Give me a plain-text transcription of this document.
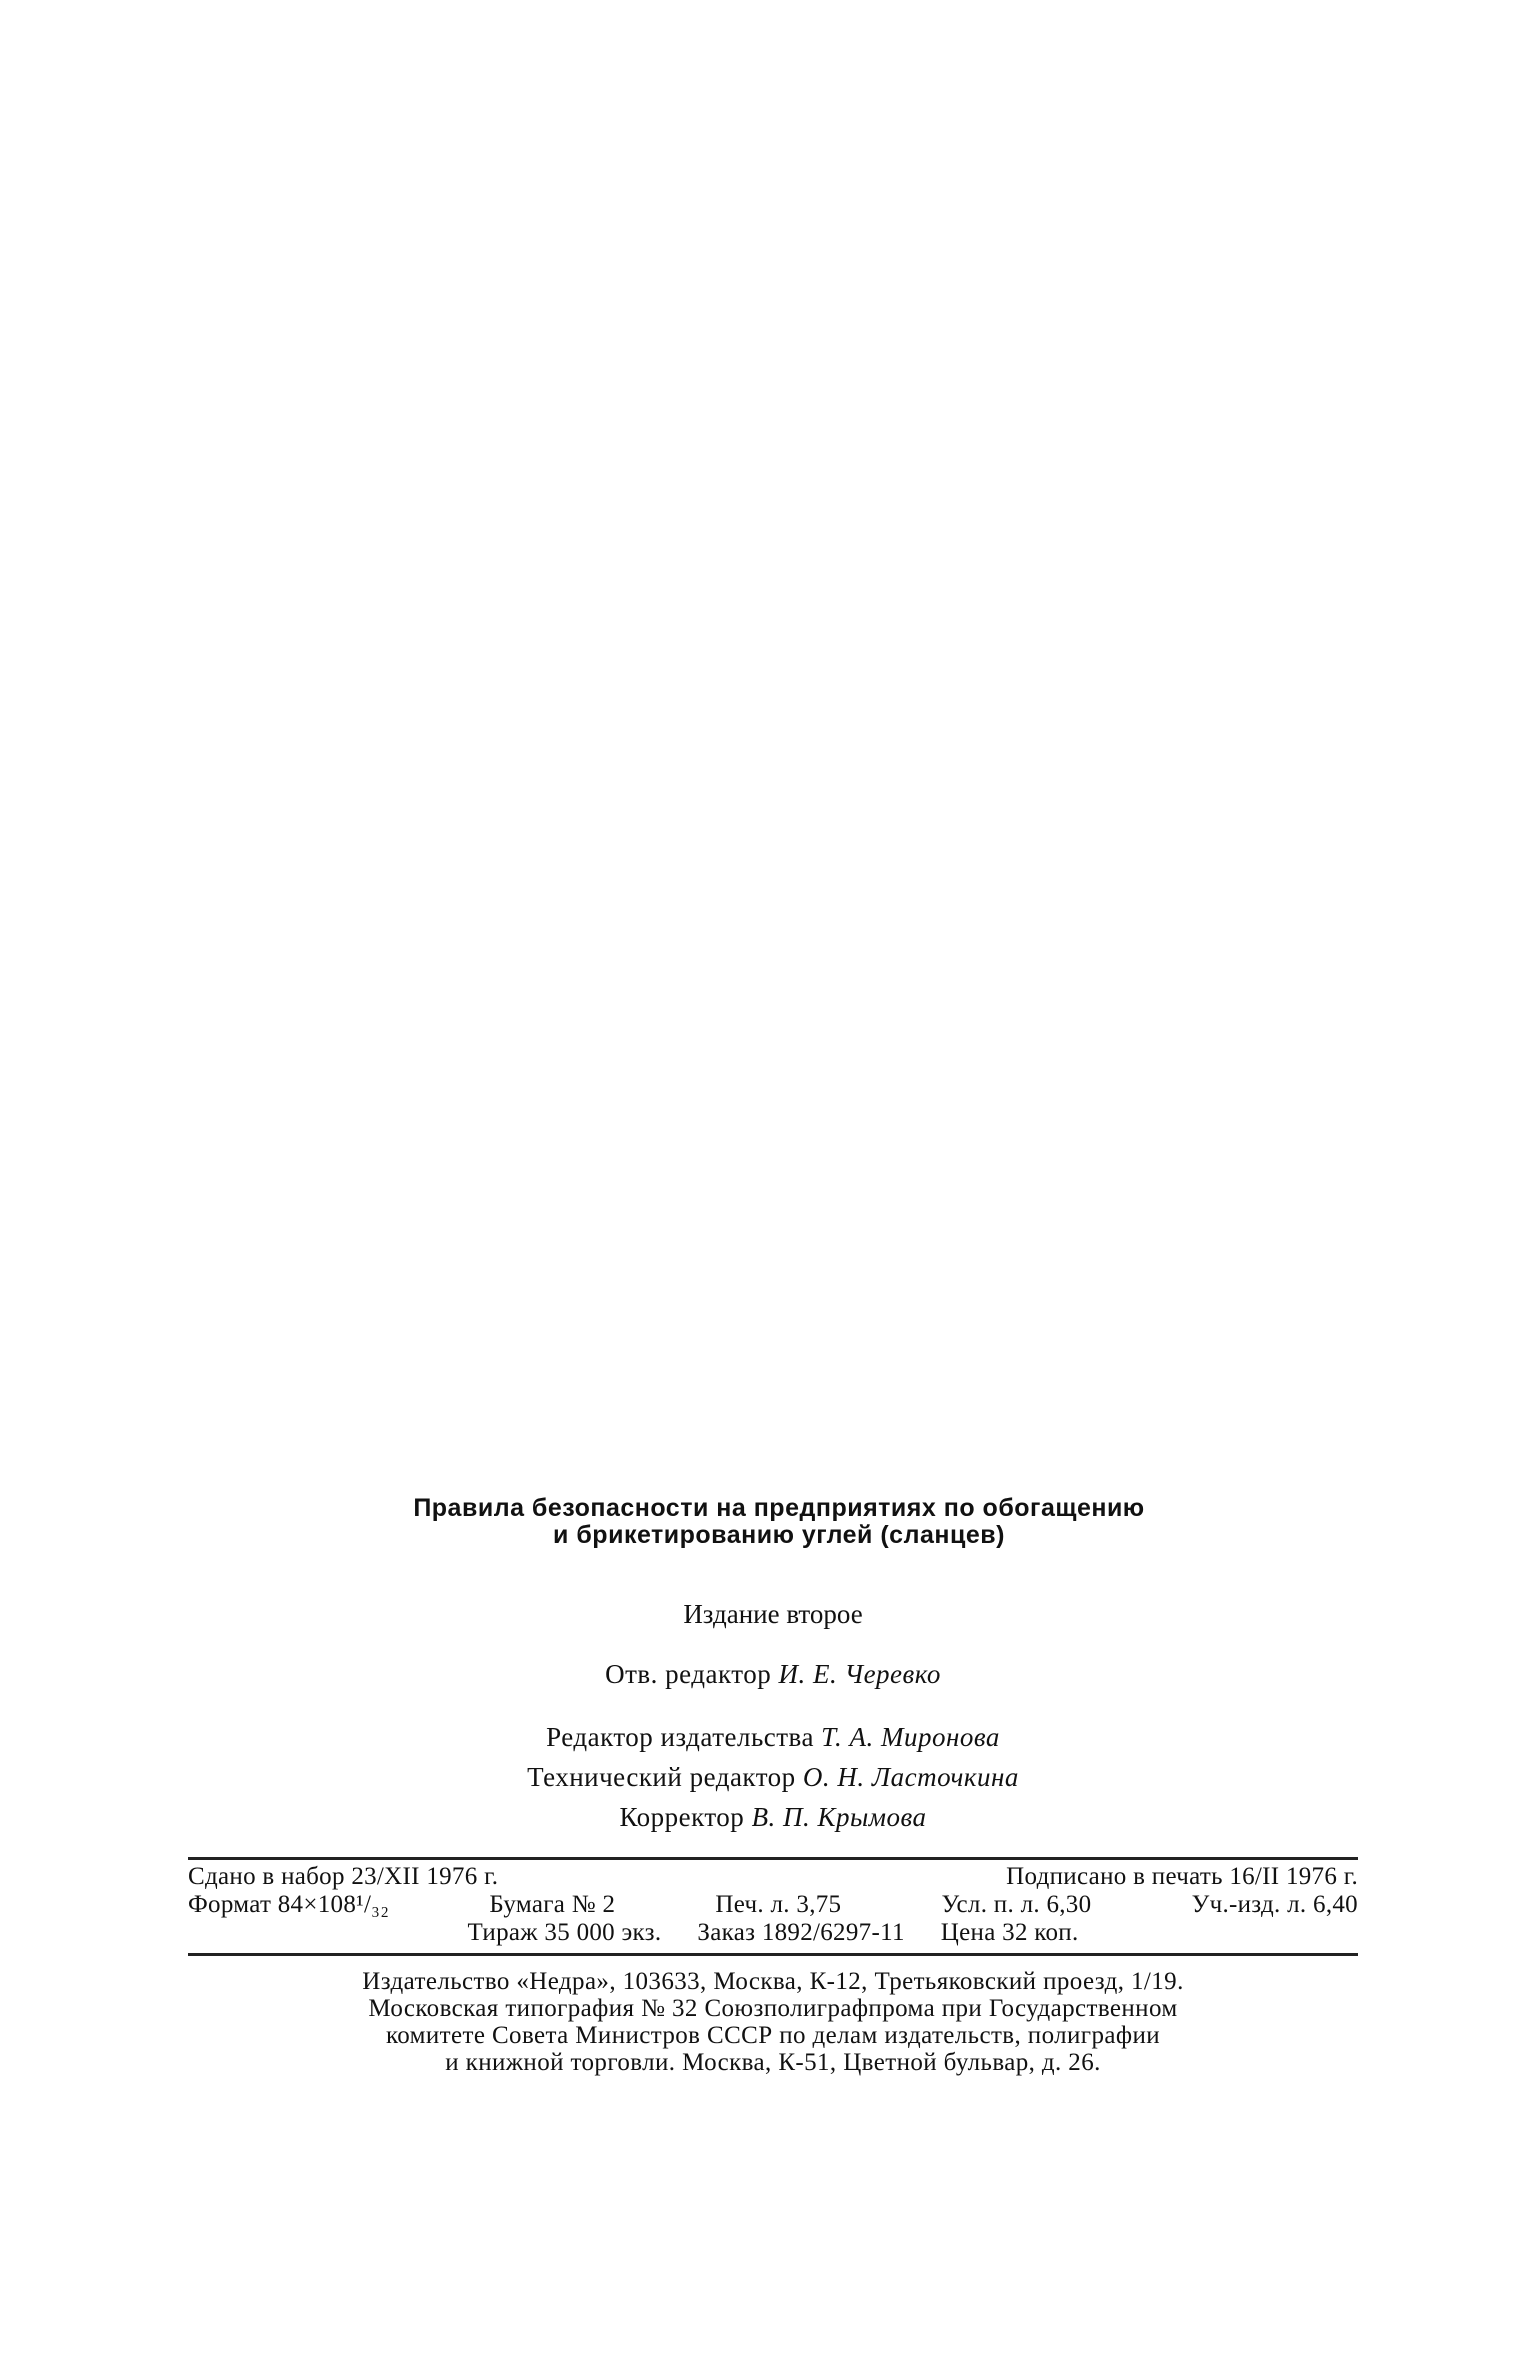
Правила безопасности на предприятиях по обогащению
и брикетированию углей (сланцев)
Издание второе
Отв. редактор И. Е. Черевко
Редактор издательства Т. А. Миронова
Технический редактор О. Н. Ласточкина
Корректор В. П. Крымова
Сдано в набор 23/XII 1976 г.	Подписано в печать 16/II 1976 г.
Формат 84×108¹/₃₂	Бумага № 2	Печ. л. 3,75	Усл. п. л. 6,30	Уч.-изд. л. 6,40
Тираж 35 000 экз. Заказ 1892/6297-11 Цена 32 коп.
Издательство «Недра», 103633, Москва, К-12, Третьяковский проезд, 1/19.
Московская типография № 32 Союзполиграфпрома при Государственном
комитете Совета Министров СССР по делам издательств, полиграфии
и книжной торговли. Москва, К-51, Цветной бульвар, д. 26.
